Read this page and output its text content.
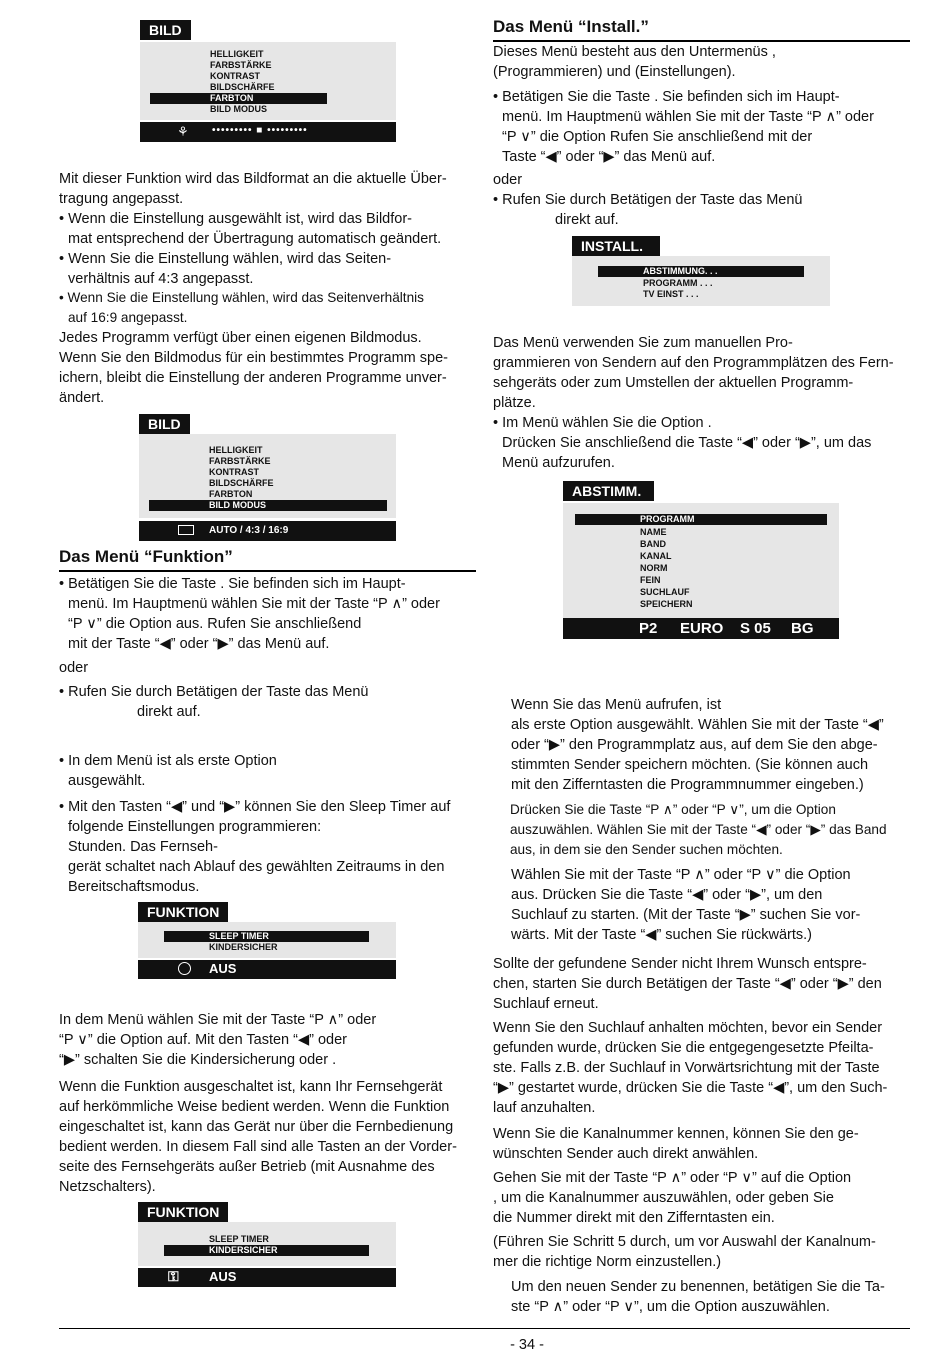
BILD
HELLIGKEIT
FARBSTÄRKE
KONTRAST
BILDSCHÄRFE
FARBTON
BILD MODUS
⚘ ••••••••• ■ •••••••••
Mit dieser Funktion wird das Bildformat an die aktuelle Über-
tragung angepasst.
• Wenn die Einstellung ausgewählt ist, wird das Bildfor-
mat entsprechend der Übertragung automatisch geändert.
• Wenn Sie die Einstellung wählen, wird das Seiten-
verhältnis auf 4:3 angepasst.
• Wenn Sie die Einstellung wählen, wird das Seitenverhältnis
auf 16:9 angepasst.
Jedes Programm verfügt über einen eigenen Bildmodus.
Wenn Sie den Bildmodus für ein bestimmtes Programm spe-
ichern, bleibt die Einstellung der anderen Programme unver-
ändert.
BILD
HELLIGKEIT
FARBSTÄRKE
KONTRAST
BILDSCHÄRFE
FARBTON
BILD MODUS
AUTO / 4:3 / 16:9
Das Menü “Funktion”
• Betätigen Sie die Taste . Sie befinden sich im Haupt-
menü. Im Hauptmenü wählen Sie mit der Taste “P ∧” oder
“P ∨” die Option aus. Rufen Sie anschließend
mit der Taste “◀” oder “▶” das Menü auf.
oder
• Rufen Sie durch Betätigen der Taste das Menü
direkt auf.
• In dem Menü ist als erste Option
ausgewählt.
• Mit den Tasten “◀” und “▶” können Sie den Sleep Timer auf
folgende Einstellungen programmieren:
Stunden. Das Fernseh-
gerät schaltet nach Ablauf des gewählten Zeitraums in den
Bereitschaftsmodus.
FUNKTION
SLEEP TIMER
KINDERSICHER
AUS
In dem Menü wählen Sie mit der Taste “P ∧” oder
“P ∨” die Option auf. Mit den Tasten “◀” oder
“▶” schalten Sie die Kindersicherung oder .
Wenn die Funktion ausgeschaltet ist, kann Ihr Fernsehgerät
auf herkömmliche Weise bedient werden. Wenn die Funktion
eingeschaltet ist, kann das Gerät nur über die Fernbedienung
bedient werden. In diesem Fall sind alle Tasten an der Vorder-
seite des Fernsehgeräts außer Betrieb (mit Ausnahme des
Netzschalters).
FUNKTION
SLEEP TIMER
KINDERSICHER
⚿ AUS
Das Menü “Install.”
Dieses Menü besteht aus den Untermenüs ,
(Programmieren) und (Einstellungen).
• Betätigen Sie die Taste . Sie befinden sich im Haupt-
menü. Im Hauptmenü wählen Sie mit der Taste “P ∧” oder
“P ∨” die Option Rufen Sie anschließend mit der
Taste “◀” oder “▶” das Menü auf.
oder
• Rufen Sie durch Betätigen der Taste das Menü
direkt auf.
INSTALL.
ABSTIMMUNG. . .
PROGRAMM . . .
TV EINST . . .
Das Menü verwenden Sie zum manuellen Pro-
grammieren von Sendern auf den Programmplätzen des Fern-
sehgeräts oder zum Umstellen der aktuellen Programm-
plätze.
• Im Menü wählen Sie die Option .
Drücken Sie anschließend die Taste “◀” oder “▶”, um das
Menü aufzurufen.
ABSTIMM.
PROGRAMM
NAME
BAND
KANAL
NORM
FEIN
SUCHLAUF
SPEICHERN
P2 EURO S 05 BG
Wenn Sie das Menü aufrufen, ist
als erste Option ausgewählt. Wählen Sie mit der Taste “◀”
oder “▶” den Programmplatz aus, auf dem Sie den abge-
stimmten Sender speichern möchten. (Sie können auch
mit den Zifferntasten die Programmnummer eingeben.)
Drücken Sie die Taste “P ∧” oder “P ∨”, um die Option
auszuwählen. Wählen Sie mit der Taste “◀” oder “▶” das Band
aus, in dem sie den Sender suchen möchten.
Wählen Sie mit der Taste “P ∧” oder “P ∨” die Option
aus. Drücken Sie die Taste “◀” oder “▶”, um den
Suchlauf zu starten. (Mit der Taste “▶” suchen Sie vor-
wärts. Mit der Taste “◀” suchen Sie rückwärts.)
Sollte der gefundene Sender nicht Ihrem Wunsch entspre-
chen, starten Sie durch Betätigen der Taste “◀” oder “▶” den
Suchlauf erneut.
Wenn Sie den Suchlauf anhalten möchten, bevor ein Sender
gefunden wurde, drücken Sie die entgegengesetzte Pfeilta-
ste. Falls z.B. der Suchlauf in Vorwärtsrichtung mit der Taste
“▶” gestartet wurde, drücken Sie die Taste “◀”, um den Such-
lauf anzuhalten.
Wenn Sie die Kanalnummer kennen, können Sie den ge-
wünschten Sender auch direkt anwählen.
Gehen Sie mit der Taste “P ∧” oder “P ∨” auf die Option
, um die Kanalnummer auszuwählen, oder geben Sie
die Nummer direkt mit den Zifferntasten ein.
(Führen Sie Schritt 5 durch, um vor Auswahl der Kanalnum-
mer die richtige Norm einzustellen.)
Um den neuen Sender zu benennen, betätigen Sie die Ta-
ste “P ∧” oder “P ∨”, um die Option auszuwählen.
- 34 -
